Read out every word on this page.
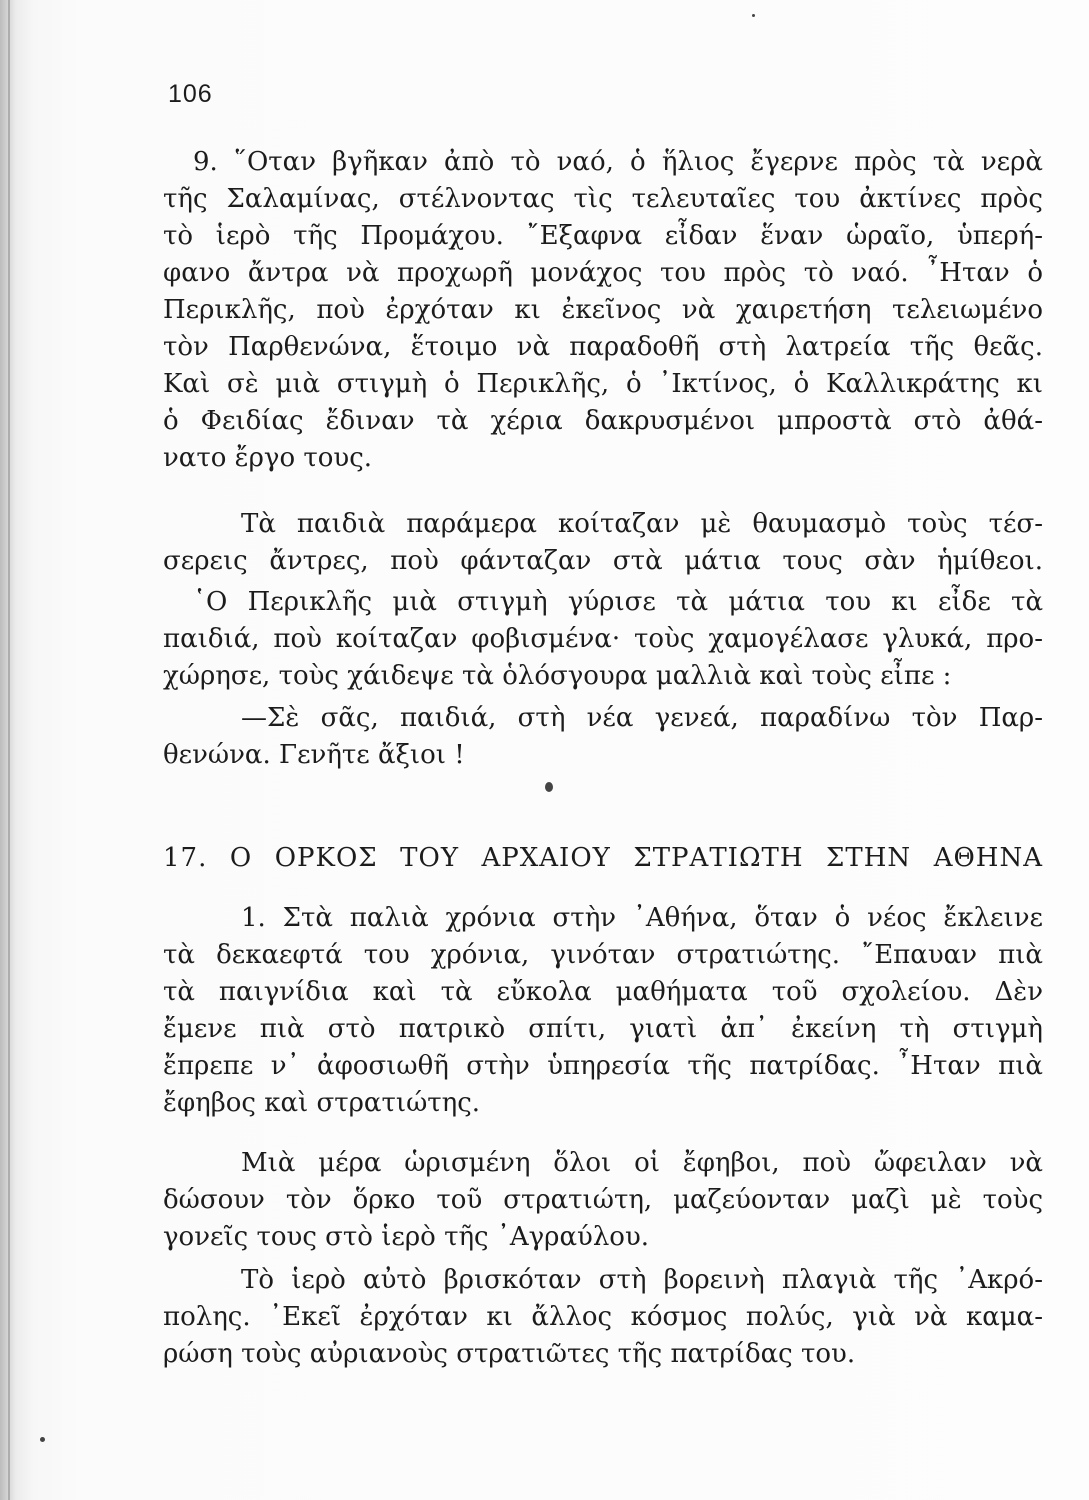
106
9. ῞Οταν βγῆκαν ἀπὸ τὸ ναό, ὁ ἥλιος ἔγερνε πρὸς τὰ νερὰ
τῆς Σαλαμίνας, στέλνοντας τὶς τελευταῖες του ἀκτίνες πρὸς
τὸ ἱερὸ τῆς Προμάχου. ῎Εξαφνα εἶδαν ἕναν ὡραῖο, ὑπερή-
φανο ἄντρα νὰ προχωρῆ μονάχος του πρὸς τὸ ναό. ῏Ηταν ὁ
Περικλῆς, ποὺ ἐρχόταν κι ἐκεῖνος νὰ χαιρετήση τελειωμένο
τὸν Παρθενώνα, ἕτοιμο νὰ παραδοθῆ στὴ λατρεία τῆς θεᾶς.
Καὶ σὲ μιὰ στιγμὴ ὁ Περικλῆς, ὁ ᾿Ικτίνος, ὁ Καλλικράτης κι
ὁ Φειδίας ἔδιναν τὰ χέρια δακρυσμένοι μπροστὰ στὸ ἀθά-
νατο ἔργο τους.
Τὰ παιδιὰ παράμερα κοίταζαν μὲ θαυμασμὸ τοὺς τέσ-
σερεις ἄντρες, ποὺ φάνταζαν στὰ μάτια τους σὰν ἡμίθεοι.
῾Ο Περικλῆς μιὰ στιγμὴ γύρισε τὰ μάτια του κι εἶδε τὰ
παιδιά, ποὺ κοίταζαν φοβισμένα· τοὺς χαμογέλασε γλυκά, προ-
χώρησε, τοὺς χάιδεψε τὰ ὁλόσγουρα μαλλιὰ καὶ τοὺς εἶπε :
—Σὲ σᾶς, παιδιά, στὴ νέα γενεά, παραδίνω τὸν Παρ-
θενώνα. Γενῆτε ἄξιοι !
17. Ο ΟΡΚΟΣ ΤΟΥ ΑΡΧΑΙΟΥ ΣΤΡΑΤΙΩΤΗ ΣΤΗΝ ΑΘΗΝΑ
1. Στὰ παλιὰ χρόνια στὴν ᾿Αθήνα, ὅταν ὁ νέος ἔκλεινε
τὰ δεκαεφτά του χρόνια, γινόταν στρατιώτης. ῎Επαυαν πιὰ
τὰ παιγνίδια καὶ τὰ εὔκολα μαθήματα τοῦ σχολείου. Δὲν
ἔμενε πιὰ στὸ πατρικὸ σπίτι, γιατὶ ἀπ᾿ ἐκείνη τὴ στιγμὴ
ἔπρεπε ν᾿ ἀφοσιωθῆ στὴν ὑπηρεσία τῆς πατρίδας. ῏Ηταν πιὰ
ἔφηβος καὶ στρατιώτης.
Μιὰ μέρα ὡρισμένη ὅλοι οἱ ἔφηβοι, ποὺ ὤφειλαν νὰ
δώσουν τὸν ὅρκο τοῦ στρατιώτη, μαζεύονταν μαζὶ μὲ τοὺς
γονεῖς τους στὸ ἱερὸ τῆς ᾿Αγραύλου.
Τὸ ἱερὸ αὐτὸ βρισκόταν στὴ βορεινὴ πλαγιὰ τῆς ᾿Ακρό-
πολης. ᾿Εκεῖ ἐρχόταν κι ἄλλος κόσμος πολύς, γιὰ νὰ καμα-
ρώση τοὺς αὐριανοὺς στρατιῶτες τῆς πατρίδας του.
